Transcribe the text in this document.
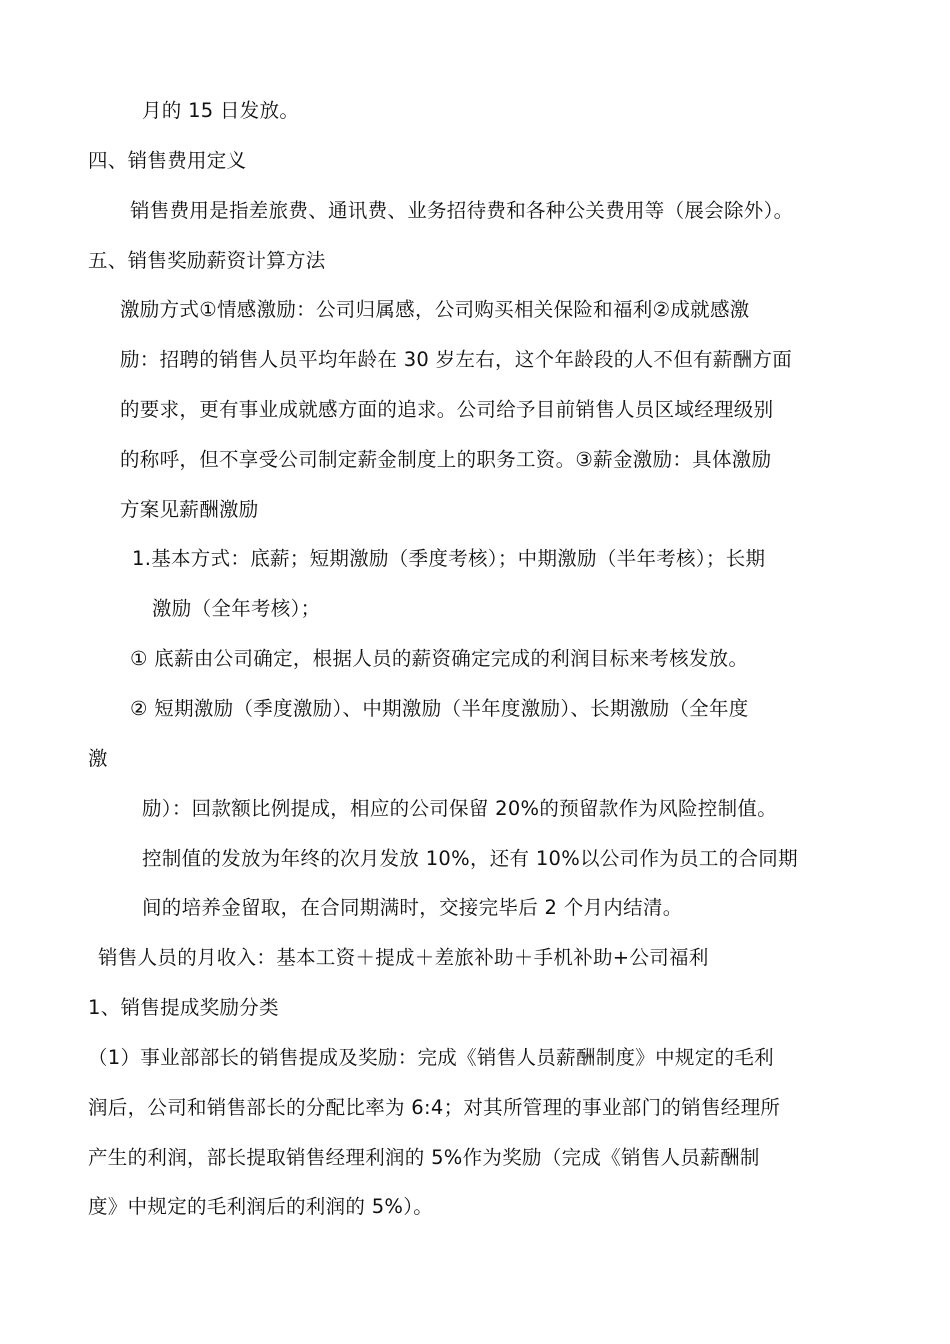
月的 15 日发放。
四、销售费用定义
销售费用是指差旅费、通讯费、业务招待费和各种公关费用等（展会除外）。
五、销售奖励薪资计算方法
激励方式①情感激励：公司归属感，公司购买相关保险和福利②成就感激
励：招聘的销售人员平均年龄在 30 岁左右，这个年龄段的人不但有薪酬方面
的要求，更有事业成就感方面的追求。公司给予目前销售人员区域经理级别
的称呼，但不享受公司制定薪金制度上的职务工资。③薪金激励：具体激励
方案见薪酬激励
1.基本方式：底薪；短期激励（季度考核）；中期激励（半年考核）；长期
激励（全年考核）；
① 底薪由公司确定，根据人员的薪资确定完成的利润目标来考核发放。
② 短期激励（季度激励）、中期激励（半年度激励）、长期激励（全年度
激
励）：回款额比例提成，相应的公司保留 20%的预留款作为风险控制值。
控制值的发放为年终的次月发放 10%，还有 10%以公司作为员工的合同期
间的培养金留取，在合同期满时，交接完毕后 2 个月内结清。
销售人员的月收入：基本工资＋提成＋差旅补助＋手机补助+公司福利
1、销售提成奖励分类
（1）事业部部长的销售提成及奖励：完成《销售人员薪酬制度》中规定的毛利
润后，公司和销售部长的分配比率为 6:4；对其所管理的事业部门的销售经理所
产生的利润，部长提取销售经理利润的 5%作为奖励（完成《销售人员薪酬制
度》中规定的毛利润后的利润的 5%）。
